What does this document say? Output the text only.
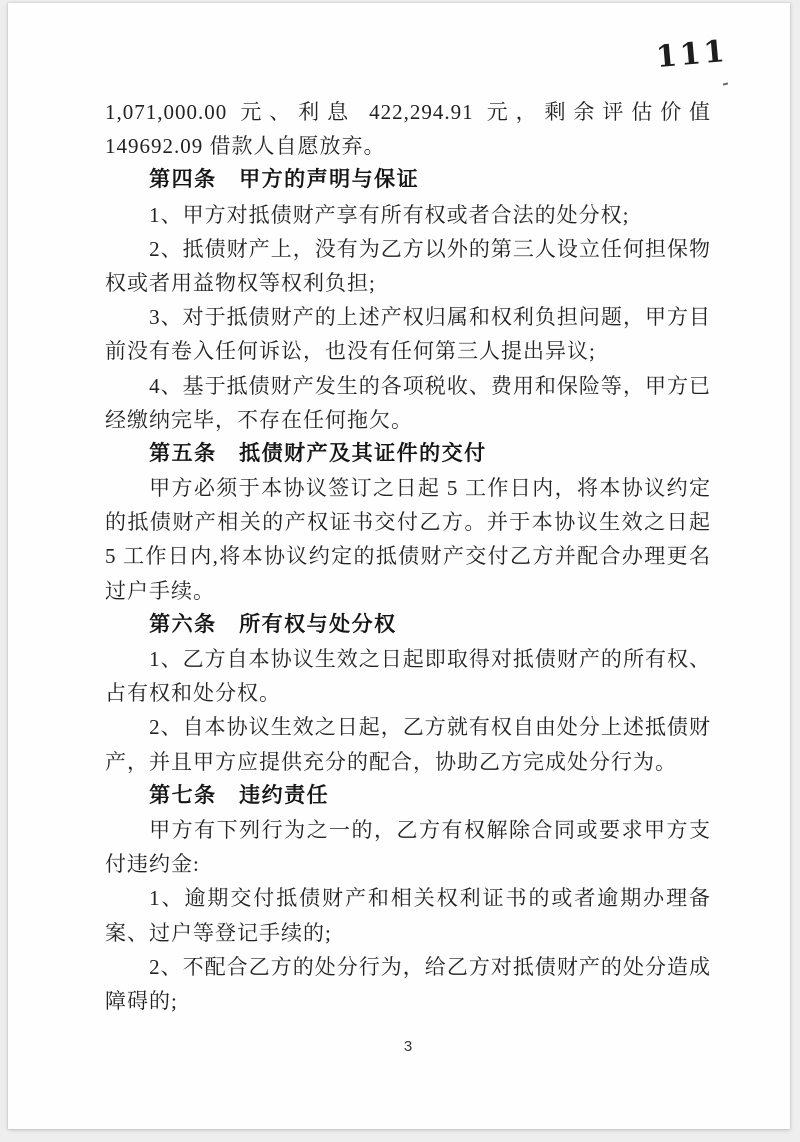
111
1,071,000.00 元、利息 422,294.91 元，剩余评估价值
149692.09 借款人自愿放弃。
第四条　甲方的声明与保证
1、甲方对抵债财产享有所有权或者合法的处分权;
2、抵债财产上，没有为乙方以外的第三人设立任何担保物
权或者用益物权等权利负担;
3、对于抵债财产的上述产权归属和权利负担问题，甲方目
前没有卷入任何诉讼，也没有任何第三人提出异议;
4、基于抵债财产发生的各项税收、费用和保险等，甲方已
经缴纳完毕，不存在任何拖欠。
第五条　抵债财产及其证件的交付
甲方必须于本协议签订之日起 5 工作日内，将本协议约定
的抵债财产相关的产权证书交付乙方。并于本协议生效之日起
5 工作日内,将本协议约定的抵债财产交付乙方并配合办理更名
过户手续。
第六条　所有权与处分权
1、乙方自本协议生效之日起即取得对抵债财产的所有权、
占有权和处分权。
2、自本协议生效之日起，乙方就有权自由处分上述抵债财
产，并且甲方应提供充分的配合，协助乙方完成处分行为。
第七条　违约责任
甲方有下列行为之一的，乙方有权解除合同或要求甲方支
付违约金:
1、逾期交付抵债财产和相关权利证书的或者逾期办理备
案、过户等登记手续的;
2、不配合乙方的处分行为，给乙方对抵债财产的处分造成
障碍的;
3
